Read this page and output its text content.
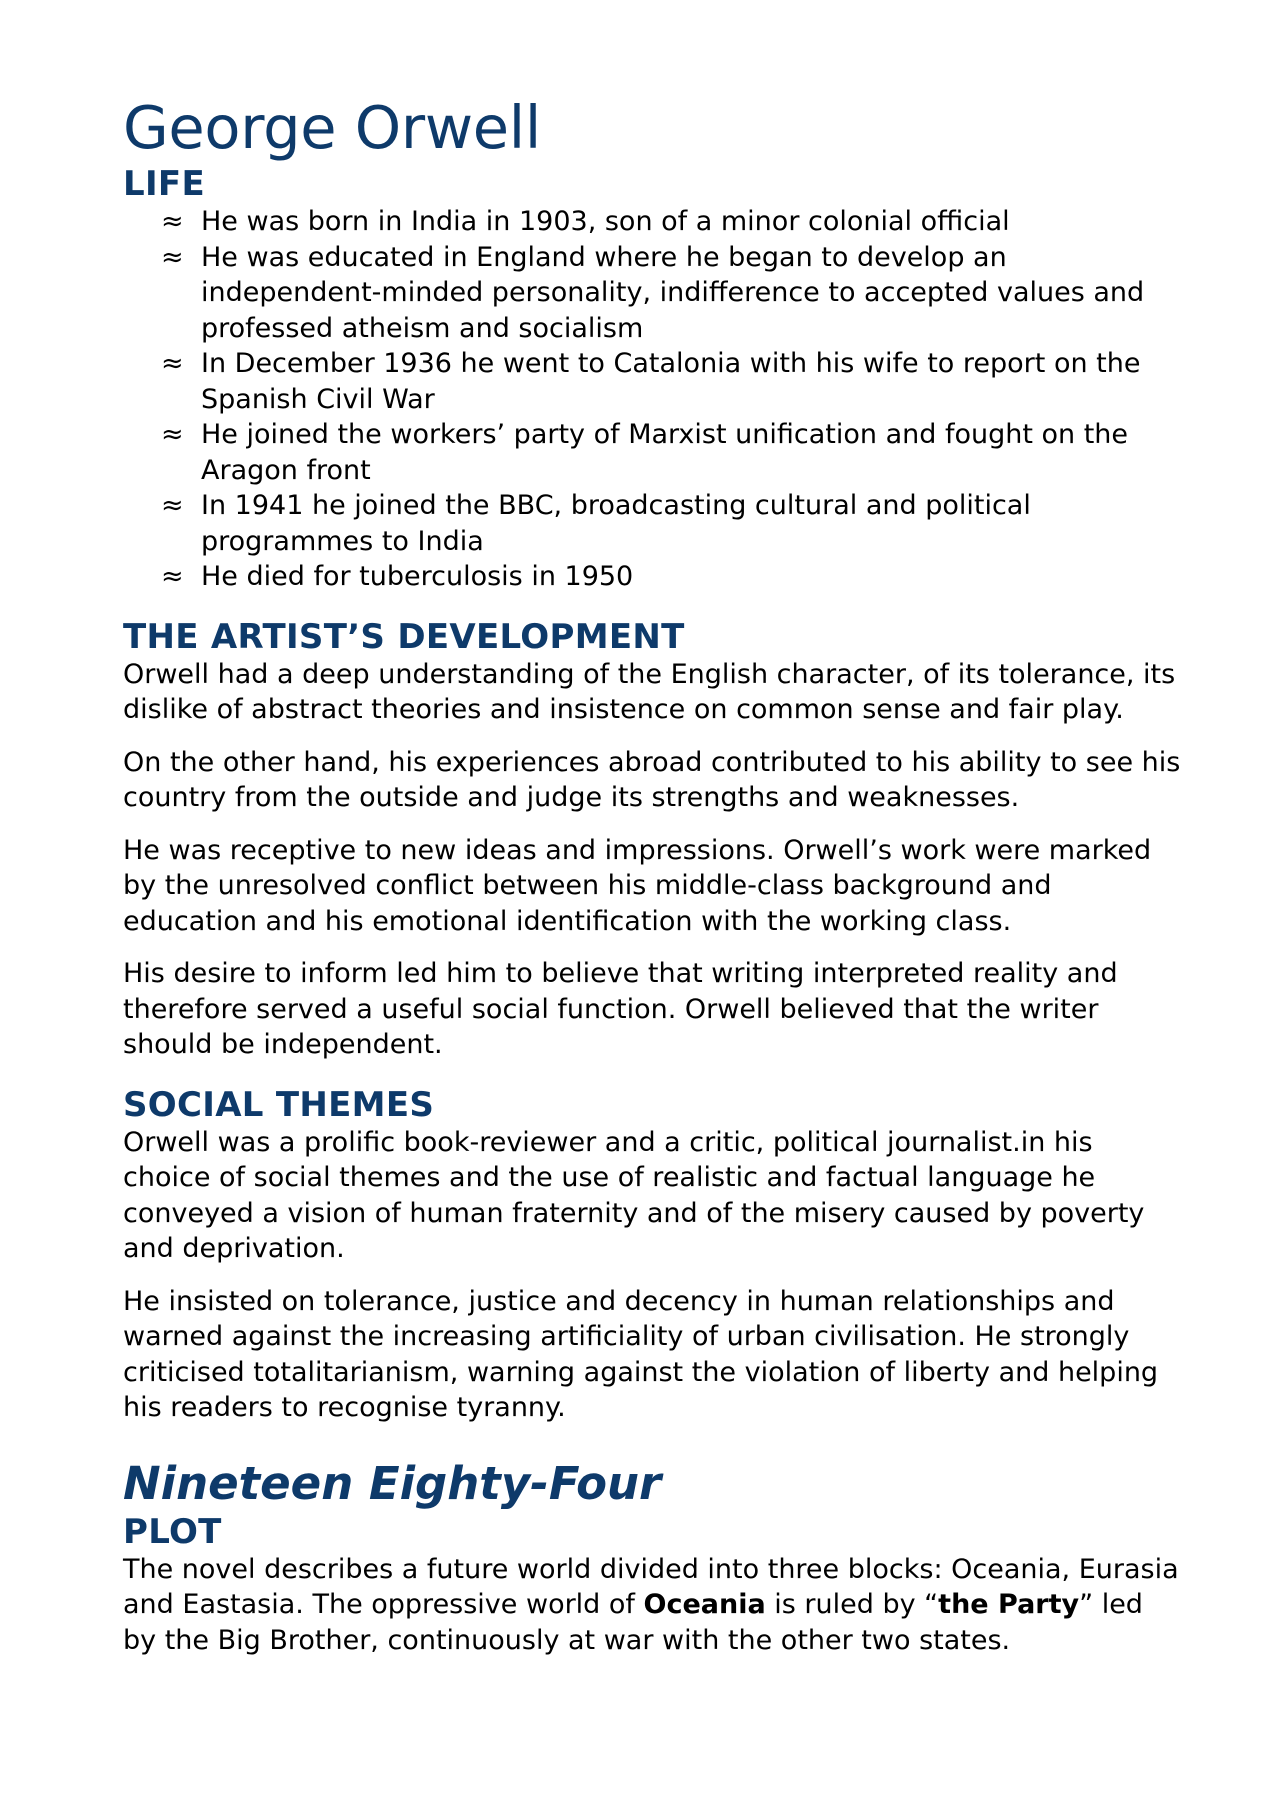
George Orwell
LIFE
≈ He was born in India in 1903, son of a minor colonial official
≈ He was educated in England where he began to develop an independent-minded personality, indifference to accepted values and professed atheism and socialism
≈ In December 1936 he went to Catalonia with his wife to report on the Spanish Civil War
≈ He joined the workers’ party of Marxist unification and fought on the Aragon front
≈ In 1941 he joined the BBC, broadcasting cultural and political programmes to India
≈ He died for tuberculosis in 1950
THE ARTIST’S DEVELOPMENT

Orwell had a deep understanding of the English character, of its tolerance, its dislike of abstract theories and insistence on common sense and fair play.

On the other hand, his experiences abroad contributed to his ability to see his country from the outside and judge its strengths and weaknesses.

He was receptive to new ideas and impressions. Orwell’s work were marked by the unresolved conflict between his middle-class background and education and his emotional identification with the working class.

His desire to inform led him to believe that writing interpreted reality and therefore served a useful social function. Orwell believed that the writer should be independent.

SOCIAL THEMES

Orwell was a prolific book-reviewer and a critic, political journalist.in his choice of social themes and the use of realistic and factual language he conveyed a vision of human fraternity and of the misery caused by poverty and deprivation.

He insisted on tolerance, justice and decency in human relationships and warned against the increasing artificiality of urban civilisation. He strongly criticised totalitarianism, warning against the violation of liberty and helping his readers to recognise tyranny.

Nineteen Eighty-Four
PLOT

The novel describes a future world divided into three blocks: Oceania, Eurasia and Eastasia. The oppressive world of Oceania is ruled by “the Party” led by the Big Brother, continuously at war with the other two states.
